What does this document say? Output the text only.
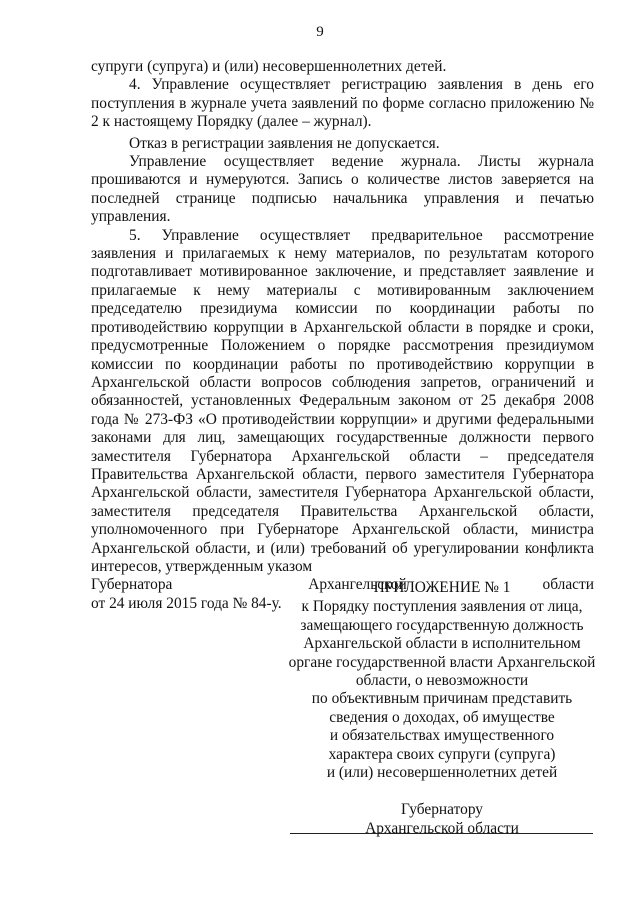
9

супруги (супруга) и (или) несовершеннолетних детей.

4. Управление осуществляет регистрацию заявления в день его поступления в журнале учета заявлений по форме согласно приложению № 2 к настоящему Порядку (далее – журнал).

Отказ в регистрации заявления не допускается.

Управление осуществляет ведение журнала. Листы журнала прошиваются и нумеруются. Запись о количестве листов заверяется на последней странице подписью начальника управления и печатью управления.

5. Управление осуществляет предварительное рассмотрение заявления и прилагаемых к нему материалов, по результатам которого подготавливает мотивированное заключение, и представляет заявление и прилагаемые к нему материалы с мотивированным заключением председателю президиума комиссии по координации работы по противодействию коррупции в Архангельской области в порядке и сроки, предусмотренные Положением о порядке рассмотрения президиумом комиссии по координации работы по противодействию коррупции в Архангельской области вопросов соблюдения запретов, ограничений и обязанностей, установленных Федеральным законом от 25 декабря 2008 года № 273-ФЗ «О противодействии коррупции» и другими федеральными законами для лиц, замещающих государственные должности первого заместителя Губернатора Архангельской области – председателя Правительства Архангельской области, первого заместителя Губернатора Архангельской области, заместителя Губернатора Архангельской области, заместителя председателя Правительства Архангельской области, уполномоченного при Губернаторе Архангельской области, министра Архангельской области, и (или) требований об урегулировании конфликта интересов, утвержденным указом

Губернатора	Архангельской	области

от 24 июля 2015 года № 84-у.

ПРИЛОЖЕНИЕ № 1
к Порядку поступления заявления от лица,
замещающего государственную должность
Архангельской области в исполнительном
органе государственной власти Архангельской
области, о невозможности
по объективным причинам представить
сведения о доходах, об имуществе
и обязательствах имущественного
характера своих супруги (супруга)
и (или) несовершеннолетних детей
Губернатору
Архангельской области
